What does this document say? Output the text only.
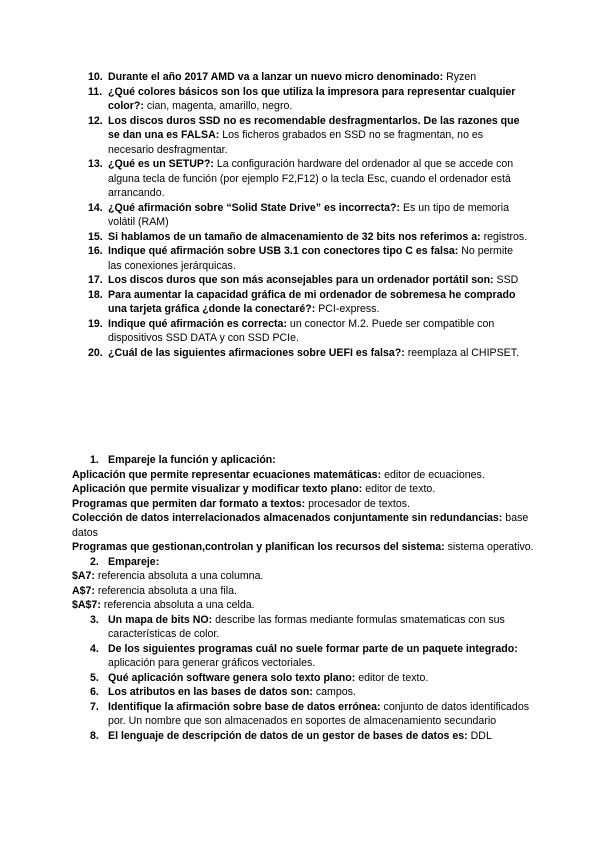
10. Durante el año 2017 AMD va a lanzar un nuevo micro denominado: Ryzen
11. ¿Qué colores básicos son los que utiliza la impresora para representar cualquier color?: cian, magenta, amarillo, negro.
12. Los discos duros SSD no es recomendable desfragmentarlos. De las razones que se dan una es FALSA: Los ficheros grabados en SSD no se fragmentan, no es necesario desfragmentar.
13. ¿Qué es un SETUP?: La configuración hardware del ordenador al que se accede con alguna tecla de función (por ejemplo F2,F12) o la tecla Esc, cuando el ordenador está arrancando.
14. ¿Qué afirmación sobre “Solid State Drive” es incorrecta?: Es un tipo de memoria volátil (RAM)
15. Si hablamos de un tamaño de almacenamiento de 32 bits nos referimos a: registros.
16. Indique qué afirmación sobre USB 3.1 con conectores tipo C es falsa: No permite las conexiones jerárquicas.
17. Los discos duros que son más aconsejables para un ordenador portátil son: SSD
18. Para aumentar la capacidad gráfica de mi ordenador de sobremesa he comprado una tarjeta gráfica ¿donde la conectaré?: PCI-express.
19. Indique qué afirmación es correcta: un conector M.2. Puede ser compatible con dispositivos SSD DATA y con SSD PCIe.
20. ¿Cuál de las siguientes afirmaciones sobre UEFI es falsa?: reemplaza al CHIPSET.
1. Empareje la función y aplicación:
Aplicación que permite representar ecuaciones matemáticas: editor de ecuaciones.
Aplicación que permite visualizar y modificar texto plano: editor de texto.
Programas que permiten dar formato a textos: procesador de textos.
Colección de datos interrelacionados almacenados conjuntamente sin redundancias: base datos
Programas que gestionan,controlan y planifican los recursos del sistema: sistema operativo.
2. Empareje:
$A7: referencia absoluta a una columna.
A$7: referencia absoluta a una fila.
$A$7: referencia absoluta a una celda.
3. Un mapa de bits NO: describe las formas mediante formulas smatematicas con sus características de color.
4. De los siguientes programas cuál no suele formar parte de un paquete integrado: aplicación para generar gráficos vectoriales.
5. Qué aplicación software genera solo texto plano: editor de texto.
6. Los atributos en las bases de datos son: campos.
7. Identifique la afirmación sobre base de datos errónea: conjunto de datos identificados por. Un nombre que son almacenados en soportes de almacenamiento secundario
8. El lenguaje de descripción de datos de un gestor de bases de datos es: DDL
